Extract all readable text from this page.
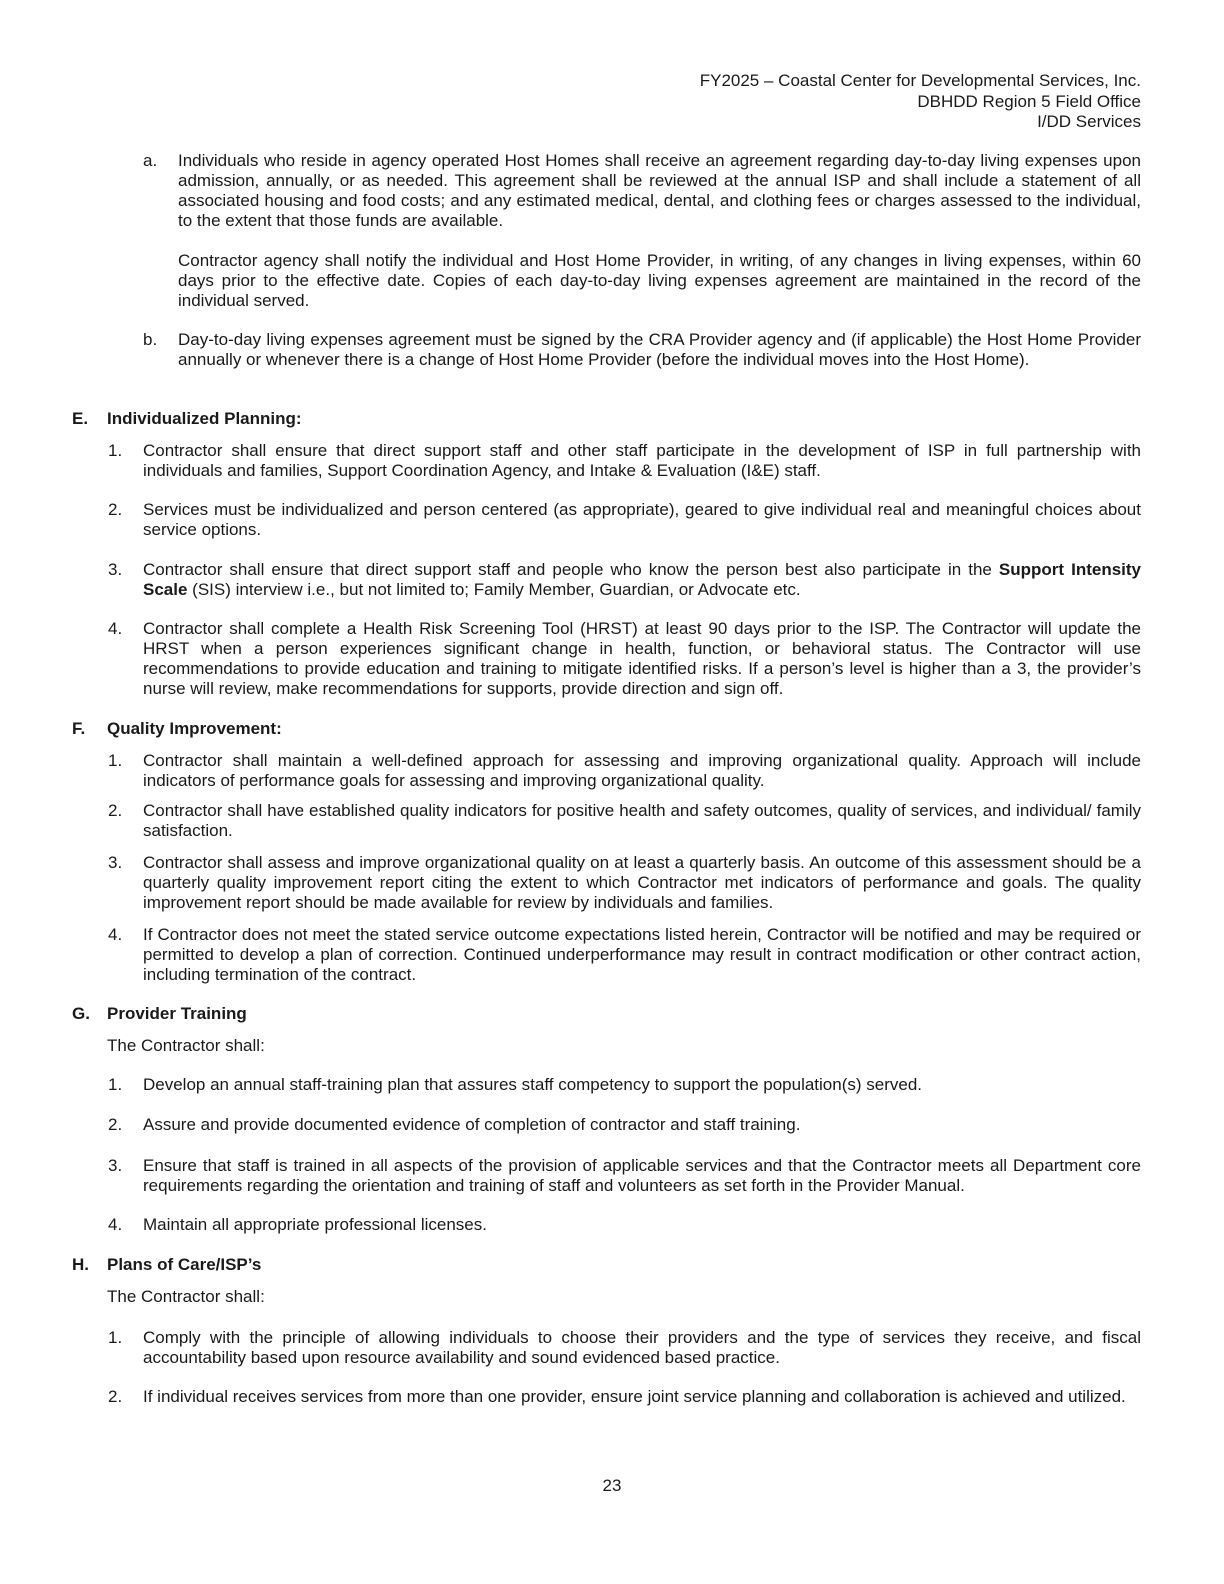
FY2025 – Coastal Center for Developmental Services, Inc.
DBHDD Region 5 Field Office
I/DD Services
a. Individuals who reside in agency operated Host Homes shall receive an agreement regarding day-to-day living expenses upon admission, annually, or as needed. This agreement shall be reviewed at the annual ISP and shall include a statement of all associated housing and food costs; and any estimated medical, dental, and clothing fees or charges assessed to the individual, to the extent that those funds are available.
Contractor agency shall notify the individual and Host Home Provider, in writing, of any changes in living expenses, within 60 days prior to the effective date. Copies of each day-to-day living expenses agreement are maintained in the record of the individual served.
b. Day-to-day living expenses agreement must be signed by the CRA Provider agency and (if applicable) the Host Home Provider annually or whenever there is a change of Host Home Provider (before the individual moves into the Host Home).
E. Individualized Planning:
1. Contractor shall ensure that direct support staff and other staff participate in the development of ISP in full partnership with individuals and families, Support Coordination Agency, and Intake & Evaluation (I&E) staff.
2. Services must be individualized and person centered (as appropriate), geared to give individual real and meaningful choices about service options.
3. Contractor shall ensure that direct support staff and people who know the person best also participate in the Support Intensity Scale (SIS) interview i.e., but not limited to; Family Member, Guardian, or Advocate etc.
4. Contractor shall complete a Health Risk Screening Tool (HRST) at least 90 days prior to the ISP. The Contractor will update the HRST when a person experiences significant change in health, function, or behavioral status. The Contractor will use recommendations to provide education and training to mitigate identified risks. If a person’s level is higher than a 3, the provider’s nurse will review, make recommendations for supports, provide direction and sign off.
F. Quality Improvement:
1. Contractor shall maintain a well-defined approach for assessing and improving organizational quality. Approach will include indicators of performance goals for assessing and improving organizational quality.
2. Contractor shall have established quality indicators for positive health and safety outcomes, quality of services, and individual/ family satisfaction.
3. Contractor shall assess and improve organizational quality on at least a quarterly basis. An outcome of this assessment should be a quarterly quality improvement report citing the extent to which Contractor met indicators of performance and goals. The quality improvement report should be made available for review by individuals and families.
4. If Contractor does not meet the stated service outcome expectations listed herein, Contractor will be notified and may be required or permitted to develop a plan of correction. Continued underperformance may result in contract modification or other contract action, including termination of the contract.
G. Provider Training
The Contractor shall:
1. Develop an annual staff-training plan that assures staff competency to support the population(s) served.
2. Assure and provide documented evidence of completion of contractor and staff training.
3. Ensure that staff is trained in all aspects of the provision of applicable services and that the Contractor meets all Department core requirements regarding the orientation and training of staff and volunteers as set forth in the Provider Manual.
4. Maintain all appropriate professional licenses.
H. Plans of Care/ISP’s
The Contractor shall:
1. Comply with the principle of allowing individuals to choose their providers and the type of services they receive, and fiscal accountability based upon resource availability and sound evidenced based practice.
2. If individual receives services from more than one provider, ensure joint service planning and collaboration is achieved and utilized.
23
